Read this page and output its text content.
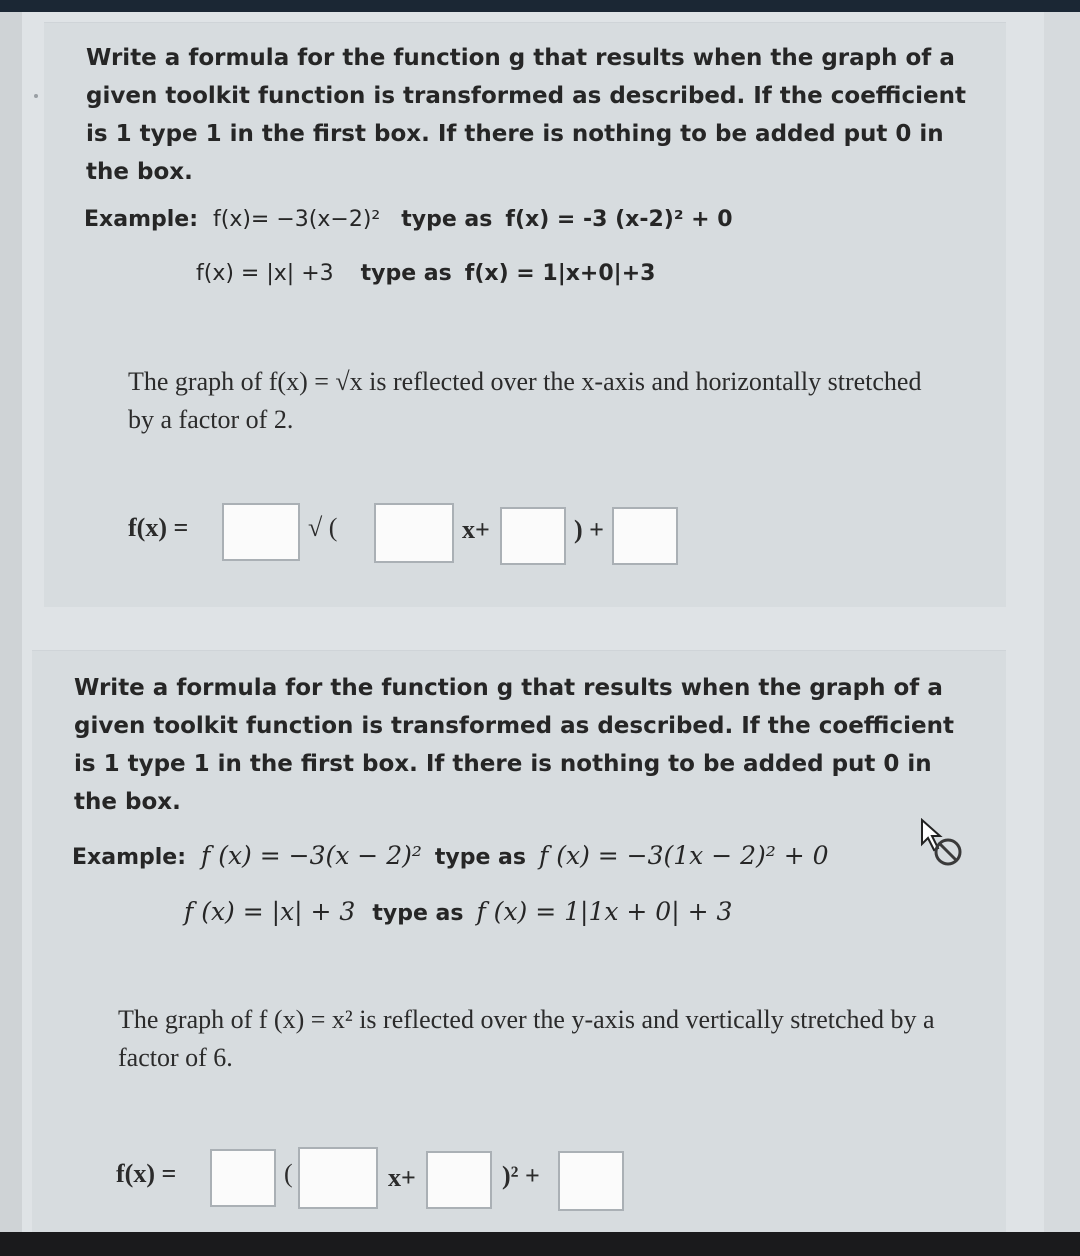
Write a formula for the function g that results when the graph of a given toolkit function is transformed as described. If the coefficient is 1 type 1 in the first box. If there is nothing to be added put 0 in the box.

Example: f(x)= −3(x−2)² type as f(x) = -3 (x-2)² + 0
f(x) = |x| +3 type as f(x) = 1|x+0|+3

The graph of f(x) = √x is reflected over the x-axis and horizontally stretched by a factor of 2.

f(x) =	√ (	x+	) +

Write a formula for the function g that results when the graph of a given toolkit function is transformed as described. If the coefficient is 1 type 1 in the first box. If there is nothing to be added put 0 in the box.

Example: f (x) = −3(x − 2)² type as f (x) = −3(1x − 2)² + 0
f (x) = |x| + 3 type as f (x) = 1|1x + 0| + 3

The graph of f (x) = x² is reflected over the y-axis and vertically stretched by a factor of 6.

f(x) =	(	x+	)² +
